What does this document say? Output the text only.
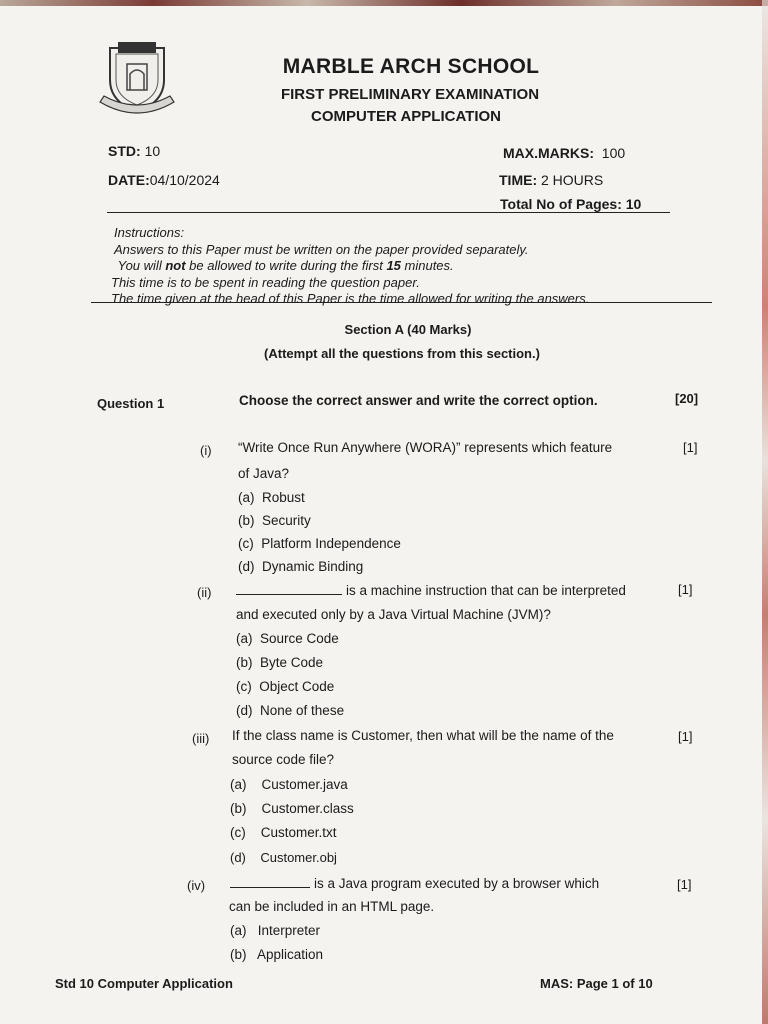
MARBLE ARCH SCHOOL
FIRST PRELIMINARY EXAMINATION
COMPUTER APPLICATION
STD: 10
DATE:04/10/2024
MAX.MARKS: 100
TIME: 2 HOURS
Total No of Pages: 10
Instructions:
Answers to this Paper must be written on the paper provided separately.
You will not be allowed to write during the first 15 minutes.
This time is to be spent in reading the question paper.
The time given at the head of this Paper is the time allowed for writing the answers.
Section A (40 Marks)
(Attempt all the questions from this section.)
Question 1	Choose the correct answer and write the correct option.	[20]
(i) “Write Once Run Anywhere (WORA)” represents which feature	[1]
of Java?
(a) Robust
(b) Security
(c) Platform Independence
(d) Dynamic Binding
(ii)	is a machine instruction that can be interpreted	[1]
and executed only by a Java Virtual Machine (JVM)?
(a) Source Code
(b) Byte Code
(c) Object Code
(d) None of these
(iii) If the class name is Customer, then what will be the name of the	[1]
source code file?
(a) Customer.java
(b) Customer.class
(c) Customer.txt
(d) Customer.obj
(iv)	is a Java program executed by a browser which	[1]
can be included in an HTML page.
(a) Interpreter
(b) Application
Std 10 Computer Application	MAS: Page 1 of 10
